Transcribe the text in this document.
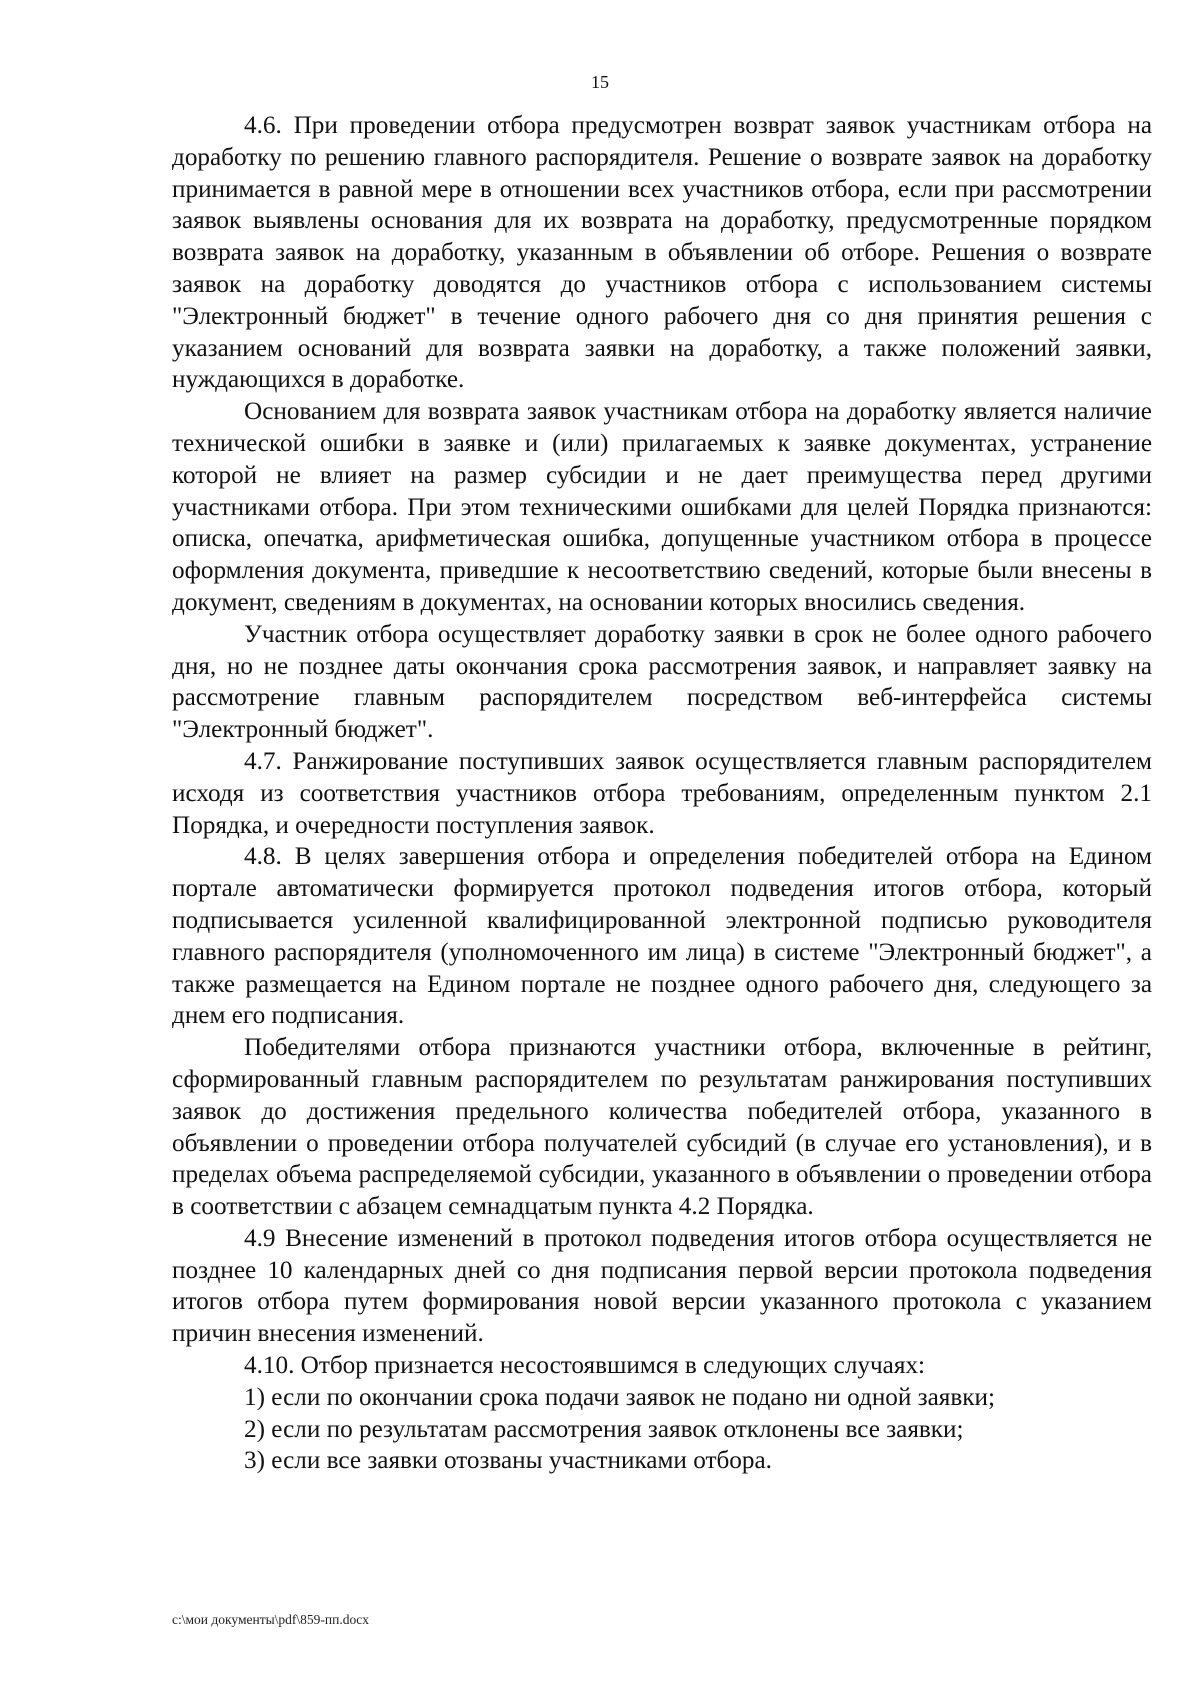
15

4.6. При проведении отбора предусмотрен возврат заявок участникам отбора на доработку по решению главного распорядителя. Решение о возврате заявок на доработку принимается в равной мере в отношении всех участников отбора, если при рассмотрении заявок выявлены основания для их возврата на доработку, предусмотренные порядком возврата заявок на доработку, указанным в объявлении об отборе. Решения о возврате заявок на доработку доводятся до участников отбора с использованием системы "Электронный бюджет" в течение одного рабочего дня со дня принятия решения с указанием оснований для возврата заявки на доработку, а также положений заявки, нуждающихся в доработке.

Основанием для возврата заявок участникам отбора на доработку является наличие технической ошибки в заявке и (или) прилагаемых к заявке документах, устранение которой не влияет на размер субсидии и не дает преимущества перед другими участниками отбора. При этом техническими ошибками для целей Порядка признаются: описка, опечатка, арифметическая ошибка, допущенные участником отбора в процессе оформления документа, приведшие к несоответствию сведений, которые были внесены в документ, сведениям в документах, на основании которых вносились сведения.

Участник отбора осуществляет доработку заявки в срок не более одного рабочего дня, но не позднее даты окончания срока рассмотрения заявок, и направляет заявку на рассмотрение главным распорядителем посредством веб-интерфейса системы "Электронный бюджет".

4.7. Ранжирование поступивших заявок осуществляется главным распорядителем исходя из соответствия участников отбора требованиям, определенным пунктом 2.1 Порядка, и очередности поступления заявок.

4.8. В целях завершения отбора и определения победителей отбора на Едином портале автоматически формируется протокол подведения итогов отбора, который подписывается усиленной квалифицированной электронной подписью руководителя главного распорядителя (уполномоченного им лица) в системе "Электронный бюджет", а также размещается на Едином портале не позднее одного рабочего дня, следующего за днем его подписания.

Победителями отбора признаются участники отбора, включенные в рейтинг, сформированный главным распорядителем по результатам ранжирования поступивших заявок до достижения предельного количества победителей отбора, указанного в объявлении о проведении отбора получателей субсидий (в случае его установления), и в пределах объема распределяемой субсидии, указанного в объявлении о проведении отбора в соответствии с абзацем семнадцатым пункта 4.2 Порядка.

4.9 Внесение изменений в протокол подведения итогов отбора осуществляется не позднее 10 календарных дней со дня подписания первой версии протокола подведения итогов отбора путем формирования новой версии указанного протокола с указанием причин внесения изменений.

4.10. Отбор признается несостоявшимся в следующих случаях:

1) если по окончании срока подачи заявок не подано ни одной заявки;

2) если по результатам рассмотрения заявок отклонены все заявки;

3) если все заявки отозваны участниками отбора.

c:\мои документы\pdf\859-пп.docx
